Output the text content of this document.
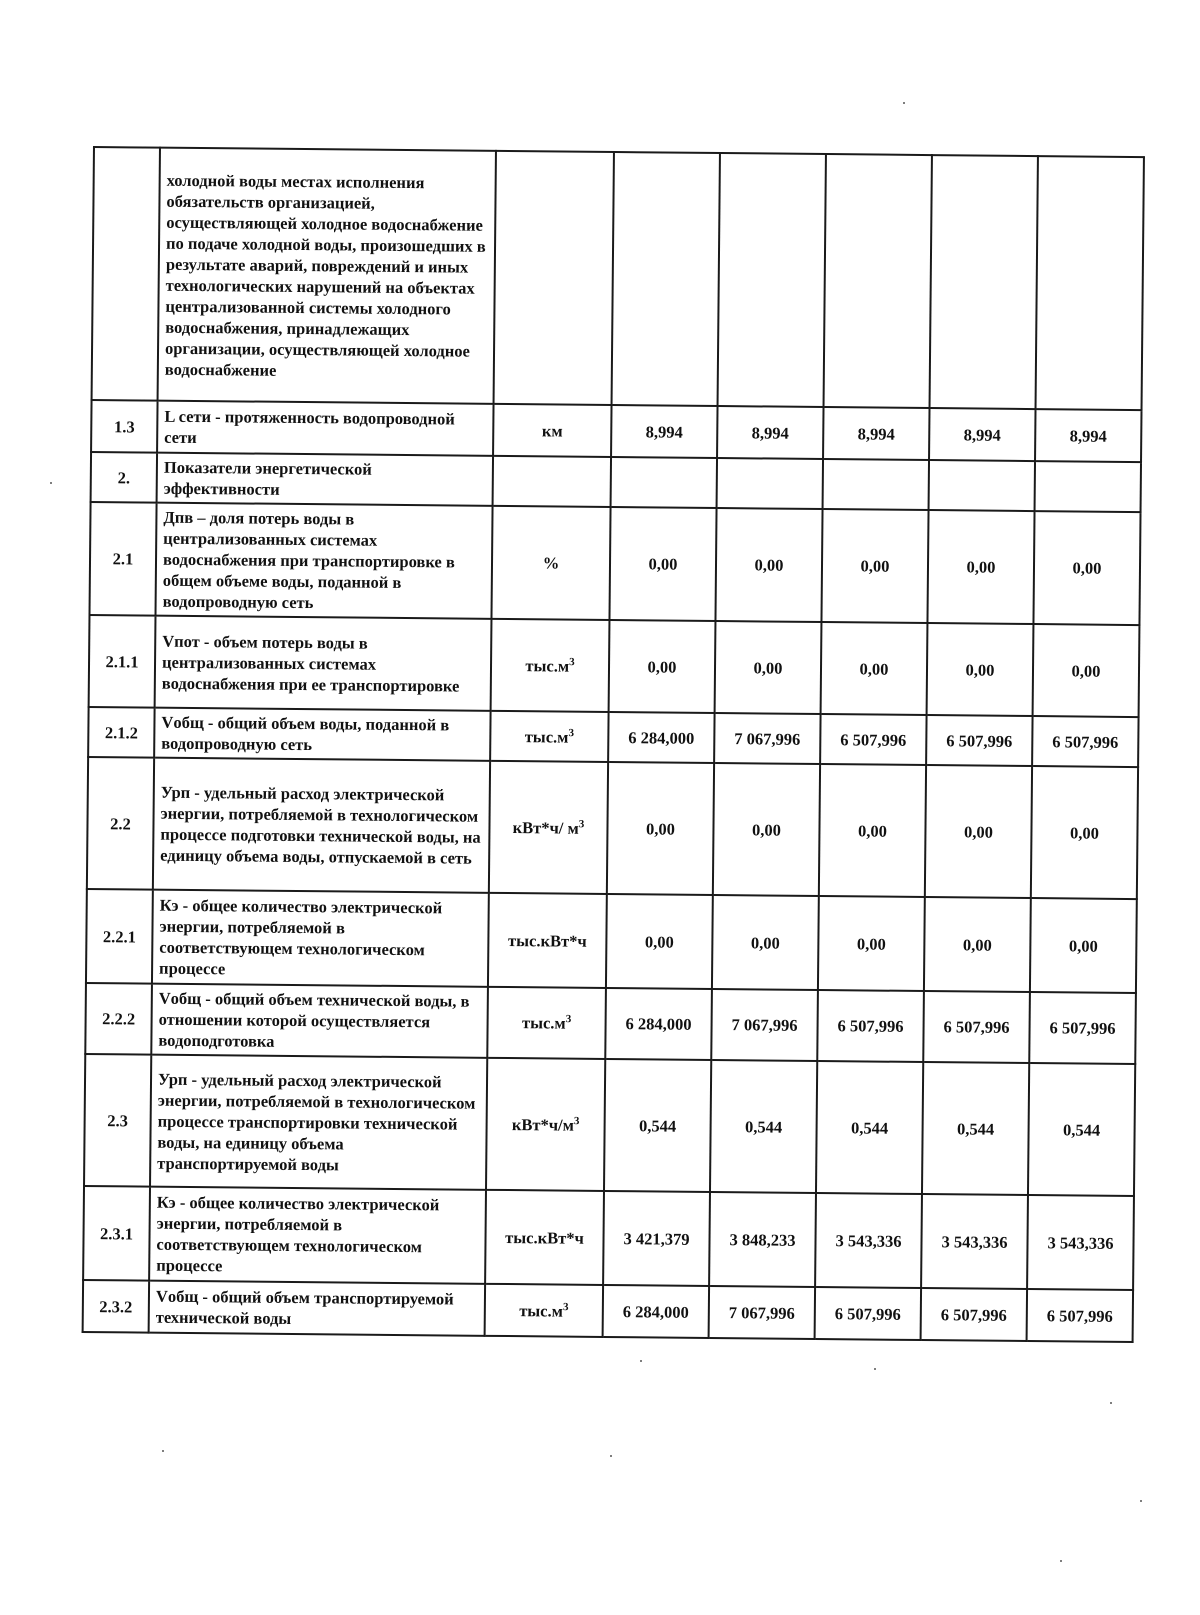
	холодной воды местах исполнения обязательств организацией, осуществляющей холодное водоснабжение по подаче холодной воды, произошедших в результате аварий, повреждений и иных технологических нарушений на объектах централизованной системы холодного водоснабжения, принадлежащих организации, осуществляющей холодное водоснабжение						
1.3	L сети - протяженность водопроводной сети	км	8,994	8,994	8,994	8,994	8,994
2.	Показатели энергетической эффективности						
2.1	Дпв – доля потерь воды в централизованных системах водоснабжения при транспортировке в общем объеме воды, поданной в водопроводную сеть	%	0,00	0,00	0,00	0,00	0,00
2.1.1	Vпот - объем потерь воды в централизованных системах водоснабжения при ее транспортировке	$тыс.м^3$	0,00	0,00	0,00	0,00	0,00
2.1.2	Vобщ - общий объем воды, поданной в водопроводную сеть	$тыс.м^3$	6 284,000	7 067,996	6 507,996	6 507,996	6 507,996
2.2	Урп - удельный расход электрической энергии, потребляемой в технологическом процессе подготовки технической воды, на единицу объема воды, отпускаемой в сеть	кВт*ч/ $м^3$	0,00	0,00	0,00	0,00	0,00
2.2.1	Кэ - общее количество электрической энергии, потребляемой в соответствующем технологическом процессе	тыс.кВт*ч	0,00	0,00	0,00	0,00	0,00
2.2.2	Vобщ - общий объем технической воды, в отношении которой осуществляется водоподготовка	$тыс.м^3$	6 284,000	7 067,996	6 507,996	6 507,996	6 507,996
2.3	Урп - удельный расход электрической энергии, потребляемой в технологическом процессе транспортировки технической воды, на единицу объема транспортируемой воды	$кВт*ч/м^3$	0,544	0,544	0,544	0,544	0,544
2.3.1	Кэ - общее количество электрической энергии, потребляемой в соответствующем технологическом процессе	тыс.кВт*ч	3 421,379	3 848,233	3 543,336	3 543,336	3 543,336
2.3.2	Vобщ - общий объем транспортируемой технической воды	$тыс.м^3$	6 284,000	7 067,996	6 507,996	6 507,996	6 507,996
